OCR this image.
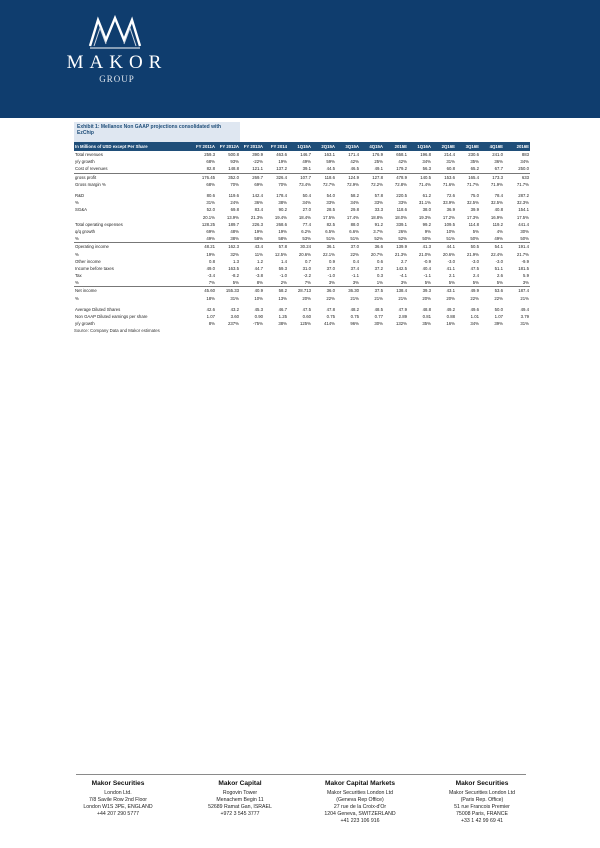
MAKOR
GROUP
Exhibit 1: Mellanox Non GAAP projections consolidated with EzChip
In Millions of USD except Per Share	FY 2011A	FY 2012A	FY 2013A	FY 2014	1Q15A	2Q15A	3Q15A	4Q15A	2015E	1Q16A	2Q16E	3Q16E	4Q16E	2016E
Total revenues	259.3	500.8	390.9	463.6	146.7	163.1	171.4	176.9	658.1	196.8	214.4	230.6	241.0	883
y/y growth	68%	93%	-22%	19%	49%	59%	42%	25%	42%	34%	31%	35%	36%	34%
Cost of revenues	82.8	148.8	121.1	137.2	39.1	44.5	46.5	49.1	179.2	56.3	60.8	65.2	67.7	250.0
gross profit	176.45	352.0	269.7	326.4	107.7	118.6	124.9	127.8	478.9	140.5	153.6	165.4	173.3	633
Gross margin %	68%	70%	69%	70%	73.4%	72.7%	72.9%	72.2%	72.8%	71.4%	71.6%	71.7%	71.9%	71.7%

R&D	80.6	119.6	142.4	178.4	50.4	54.0	58.2	57.8	220.5	61.2	72.6	75.0	78.4	287.2
%	31%	24%	36%	38%	34%	33%	34%	33%	33%	31.1%	33.9%	32.5%	32.5%	32.3%
SG&A	52.0	69.8	83.4	90.2	27.0	28.5	29.8	33.3	118.6	38.0	36.9	39.9	40.8	154.1
	20.1%	13.9%	21.3%	19.4%	18.4%	17.5%	17.4%	18.8%	18.0%	19.3%	17.2%	17.3%	16.9%	17.5%
Total operating expenses	128.25	189.7	226.3	268.6	77.4	82.5	88.0	91.2	339.1	99.2	109.5	114.8	119.2	441.4
q/q growth	69%	48%	19%	19%	6.2%	6.5%	6.6%	3.7%	26%	9%	10%	5%	4%	30%
%	49%	38%	58%	58%	53%	51%	51%	52%	52%	50%	51%	50%	49%	50%
Operating income	48.21	162.3	43.4	57.8	30.24	36.1	37.0	36.6	139.9	41.3	44.1	50.5	54.1	191.4
%	19%	32%	11%	12.5%	20.6%	22.1%	22%	20.7%	21.3%	21.0%	20.6%	21.9%	22.4%	21.7%
Other income	0.8	1.3	1.2	1.4	0.7	0.9	0.4	0.6	2.7	-0.9	-3.0	-3.0	-3.0	-9.9
Income before taxes	49.0	163.5	44.7	59.3	31.0	37.0	37.4	37.2	142.5	40.4	41.1	47.5	51.1	181.5
Tax	-3.4	-8.2	-3.8	-1.0	-2.2	-1.0	-1.1	0.3	-4.1	-1.1	2.1	2.4	2.6	5.9
%	7%	5%	8%	2%	7%	3%	3%	1%	3%	5%	5%	5%	5%	3%
Net income	45.60	155.33	40.9	58.2	28.713	36.0	36.30	37.5	138.4	39.3	43.1	49.9	53.6	187.4
%	18%	31%	10%	13%	20%	22%	21%	21%	21%	20%	20%	22%	22%	21%

Average Diluted Shares	42.6	43.2	45.3	46.7	47.5	47.8	48.2	48.5	47.9	48.8	49.2	49.6	50.0	49.4
Non GAAP Diluted earnings per share	1.07	3.60	0.90	1.25	0.60	0.75	0.75	0.77	2.89	0.81	0.88	1.01	1.07	3.79
y/y growth	8%	237%	-75%	38%	125%	414%	96%	30%	132%	35%	16%	34%	39%	31%
Source: Company Data and Makor estimates
Makor Securities
London Ltd.
7/8 Savile Row 2nd Floor
London W1S 3PE, ENGLAND
+44 207 290 5777
Makor Capital
Rogovin Tower
Menachem Begin 11
52689 Ramat Gan, ISRAEL
+972 3 545 3777
Makor Capital Markets
Makor Securities London Ltd
(Geneva Rep Office)
27 rue de la Croix-d'Or
1204 Geneva, SWITZERLAND
+41 223 106 916
Makor Securities
Makor Securities London Ltd
(Paris Rep. Office)
51 rue Francois Premier
75008 Paris, FRANCE
+33 1 42 99 69 41
